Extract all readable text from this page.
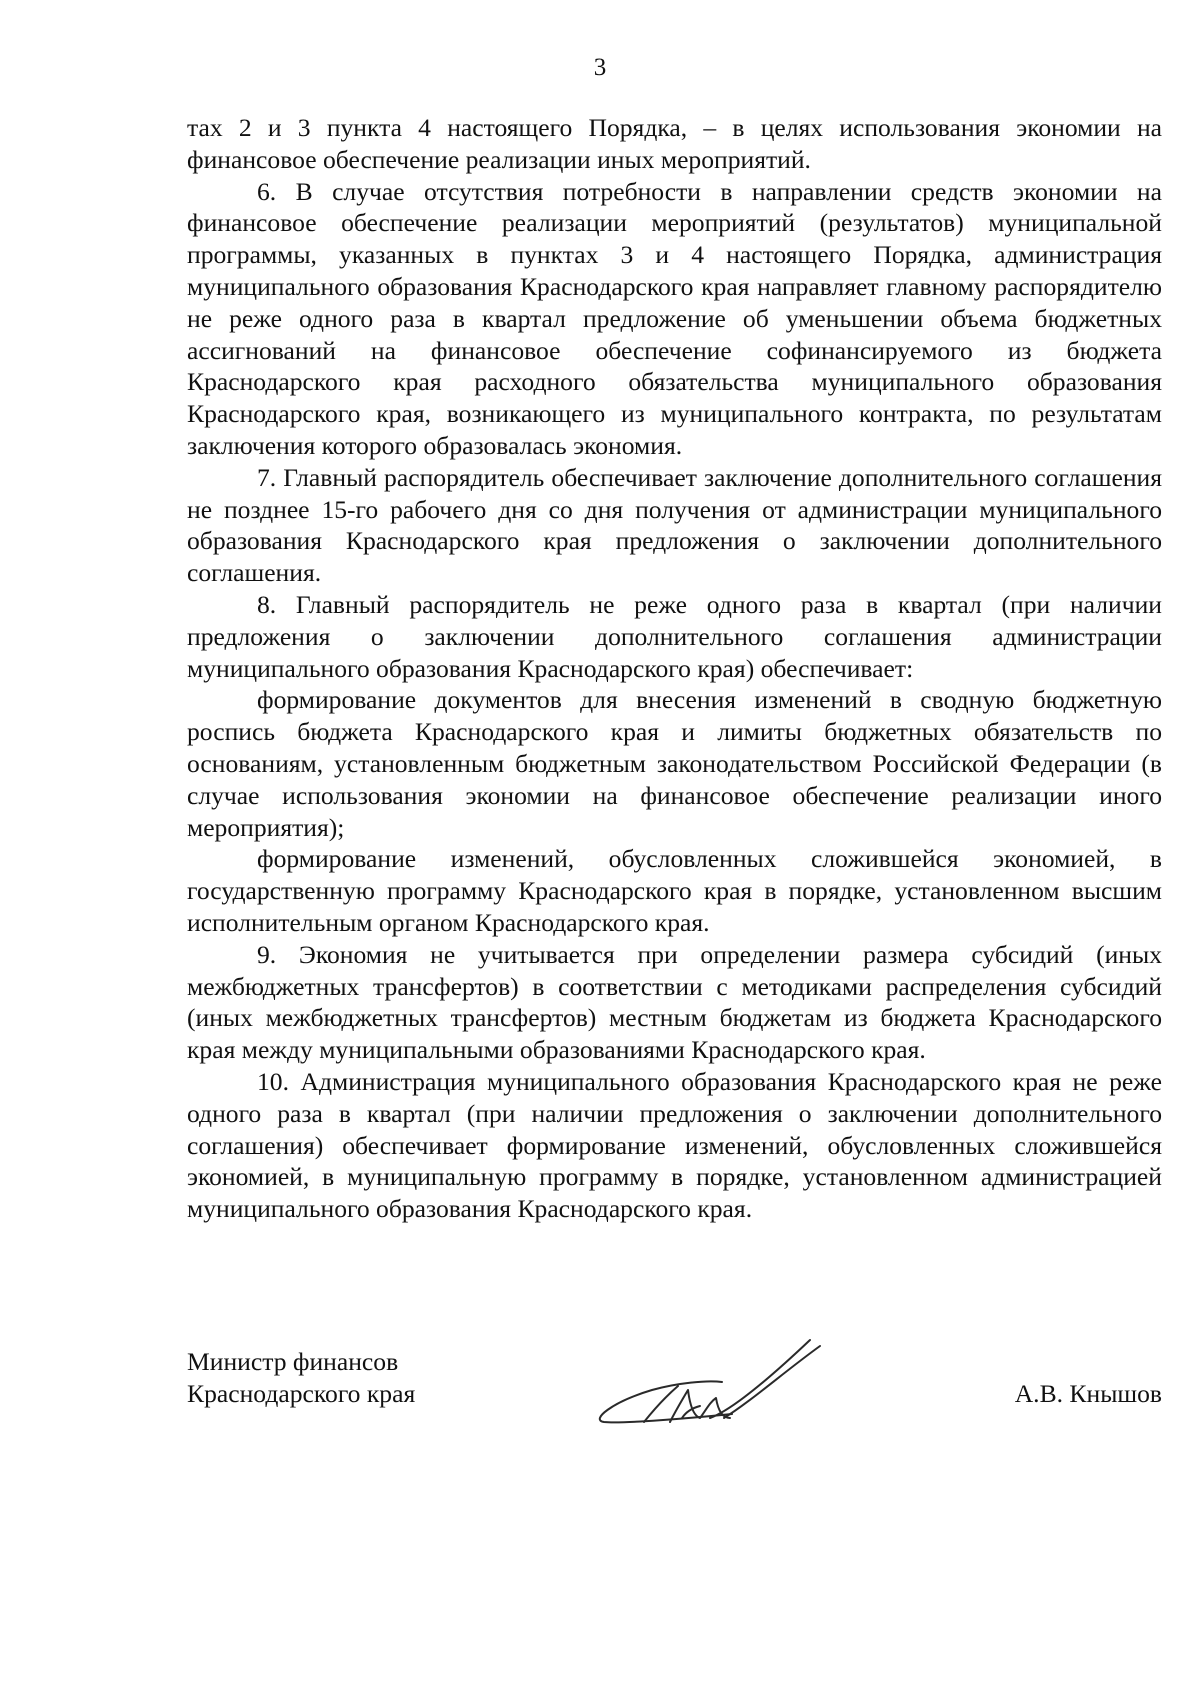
3

тах 2 и 3 пункта 4 настоящего Порядка, – в целях использования экономии на финансовое обеспечение реализации иных мероприятий.

6. В случае отсутствия потребности в направлении средств экономии на финансовое обеспечение реализации мероприятий (результатов) муниципальной программы, указанных в пунктах 3 и 4 настоящего Порядка, администрация муниципального образования Краснодарского края направляет главному распорядителю не реже одного раза в квартал предложение об уменьшении объема бюджетных ассигнований на финансовое обеспечение софинансируемого из бюджета Краснодарского края расходного обязательства муниципального образования Краснодарского края, возникающего из муниципального контракта, по результатам заключения которого образовалась экономия.

7. Главный распорядитель обеспечивает заключение дополнительного соглашения не позднее 15-го рабочего дня со дня получения от администрации муниципального образования Краснодарского края предложения о заключении дополнительного соглашения.

8. Главный распорядитель не реже одного раза в квартал (при наличии предложения о заключении дополнительного соглашения администрации муниципального образования Краснодарского края) обеспечивает:

формирование документов для внесения изменений в сводную бюджетную роспись бюджета Краснодарского края и лимиты бюджетных обязательств по основаниям, установленным бюджетным законодательством Российской Федерации (в случае использования экономии на финансовое обеспечение реализации иного мероприятия);

формирование изменений, обусловленных сложившейся экономией, в государственную программу Краснодарского края в порядке, установленном высшим исполнительным органом Краснодарского края.

9. Экономия не учитывается при определении размера субсидий (иных межбюджетных трансфертов) в соответствии с методиками распределения субсидий (иных межбюджетных трансфертов) местным бюджетам из бюджета Краснодарского края между муниципальными образованиями Краснодарского края.

10. Администрация муниципального образования Краснодарского края не реже одного раза в квартал (при наличии предложения о заключении дополнительного соглашения) обеспечивает формирование изменений, обусловленных сложившейся экономией, в муниципальную программу в порядке, установленном администрацией муниципального образования Краснодарского края.

Министр финансов
Краснодарского края	А.В. Кнышов
